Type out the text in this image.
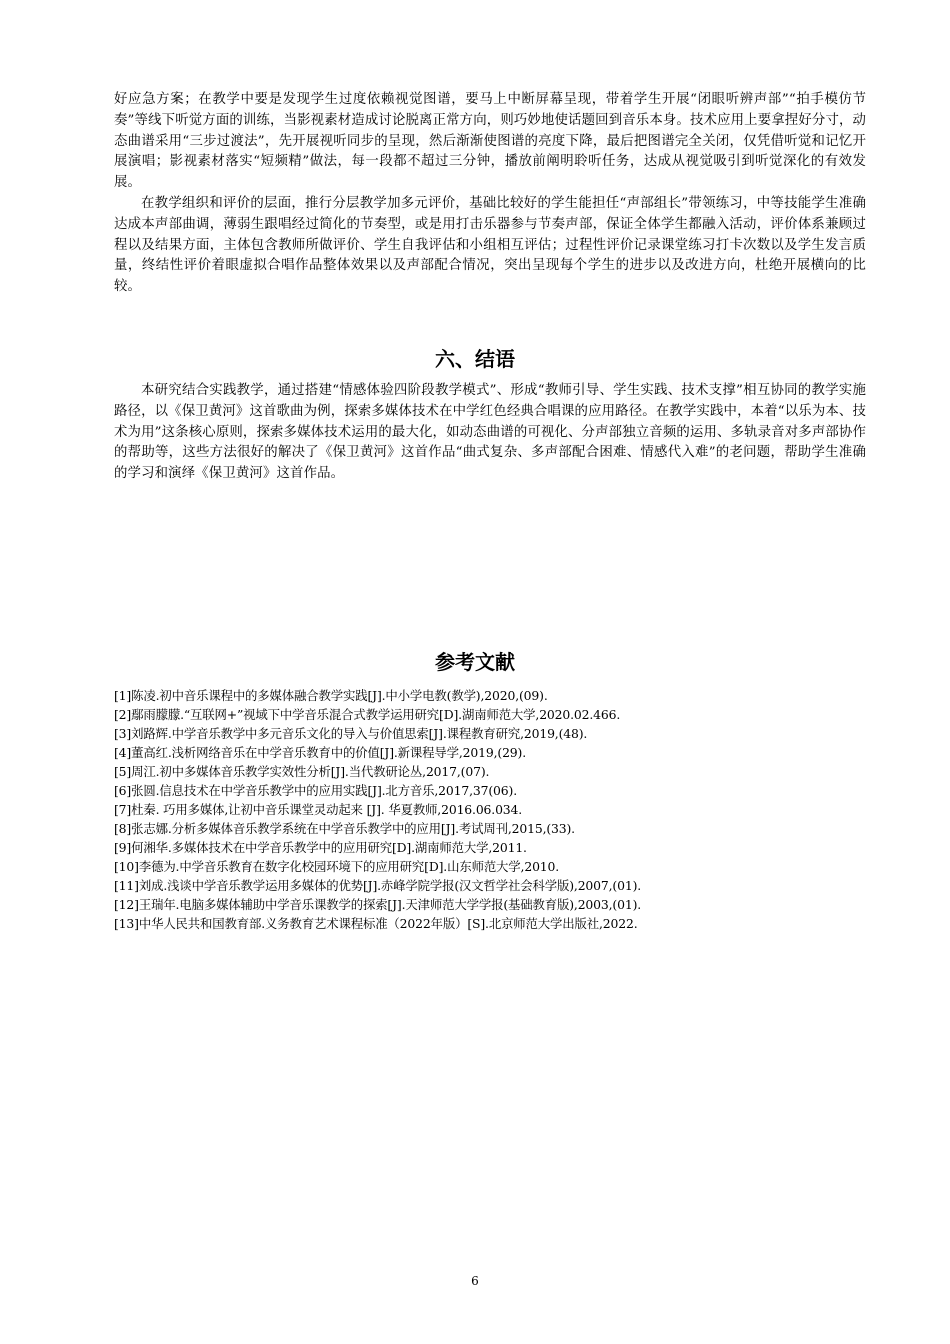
好应急方案；在教学中要是发现学生过度依赖视觉图谱，要马上中断屏幕呈现，带着学生开展“闭眼听辨声部”“拍手模仿节奏”等线下听觉方面的训练，当影视素材造成讨论脱离正常方向，则巧妙地使话题回到音乐本身。技术应用上要拿捏好分寸，动态曲谱采用“三步过渡法”，先开展视听同步的呈现，然后渐渐使图谱的亮度下降，最后把图谱完全关闭，仅凭借听觉和记忆开展演唱；影视素材落实“短频精”做法，每一段都不超过三分钟，播放前阐明聆听任务，达成从视觉吸引到听觉深化的有效发展。

在教学组织和评价的层面，推行分层教学加多元评价，基础比较好的学生能担任“声部组长”带领练习，中等技能学生准确达成本声部曲调，薄弱生跟唱经过简化的节奏型，或是用打击乐器参与节奏声部，保证全体学生都融入活动，评价体系兼顾过程以及结果方面，主体包含教师所做评价、学生自我评估和小组相互评估；过程性评价记录课堂练习打卡次数以及学生发言质量，终结性评价着眼虚拟合唱作品整体效果以及声部配合情况，突出呈现每个学生的进步以及改进方向，杜绝开展横向的比较。

六、结语

本研究结合实践教学，通过搭建“情感体验四阶段教学模式”、形成“教师引导、学生实践、技术支撑”相互协同的教学实施路径，以《保卫黄河》这首歌曲为例，探索多媒体技术在中学红色经典合唱课的应用路径。在教学实践中，本着“以乐为本、技术为用”这条核心原则，探索多媒体技术运用的最大化，如动态曲谱的可视化、分声部独立音频的运用、多轨录音对多声部协作的帮助等，这些方法很好的解决了《保卫黄河》这首作品“曲式复杂、多声部配合困难、情感代入难”的老问题，帮助学生准确的学习和演绎《保卫黄河》这首作品。

参考文献

[1]陈凌.初中音乐课程中的多媒体融合教学实践[J].中小学电教(教学),2020,(09).

[2]鄢雨朦朦.“互联网+”视域下中学音乐混合式教学运用研究[D].湖南师范大学,2020.02.466.

[3]刘路辉.中学音乐教学中多元音乐文化的导入与价值思索[J].课程教育研究,2019,(48).

[4]董高红.浅析网络音乐在中学音乐教育中的价值[J].新课程导学,2019,(29).

[5]周江.初中多媒体音乐教学实效性分析[J].当代教研论丛,2017,(07).

[6]张圆.信息技术在中学音乐教学中的应用实践[J].北方音乐,2017,37(06).

[7]杜秦. 巧用多媒体,让初中音乐课堂灵动起来 [J]. 华夏教师,2016.06.034.

[8]张志娜.分析多媒体音乐教学系统在中学音乐教学中的应用[J].考试周刊,2015,(33).

[9]何湘华.多媒体技术在中学音乐教学中的应用研究[D].湖南师范大学,2011.

[10]李德为.中学音乐教育在数字化校园环境下的应用研究[D].山东师范大学,2010.

[11]刘成.浅谈中学音乐教学运用多媒体的优势[J].赤峰学院学报(汉文哲学社会科学版),2007,(01).

[12]王瑞年.电脑多媒体辅助中学音乐课教学的探索[J].天津师范大学学报(基础教育版),2003,(01).

[13]中华人民共和国教育部.义务教育艺术课程标准（2022年版）[S].北京师范大学出版社,2022.

6
